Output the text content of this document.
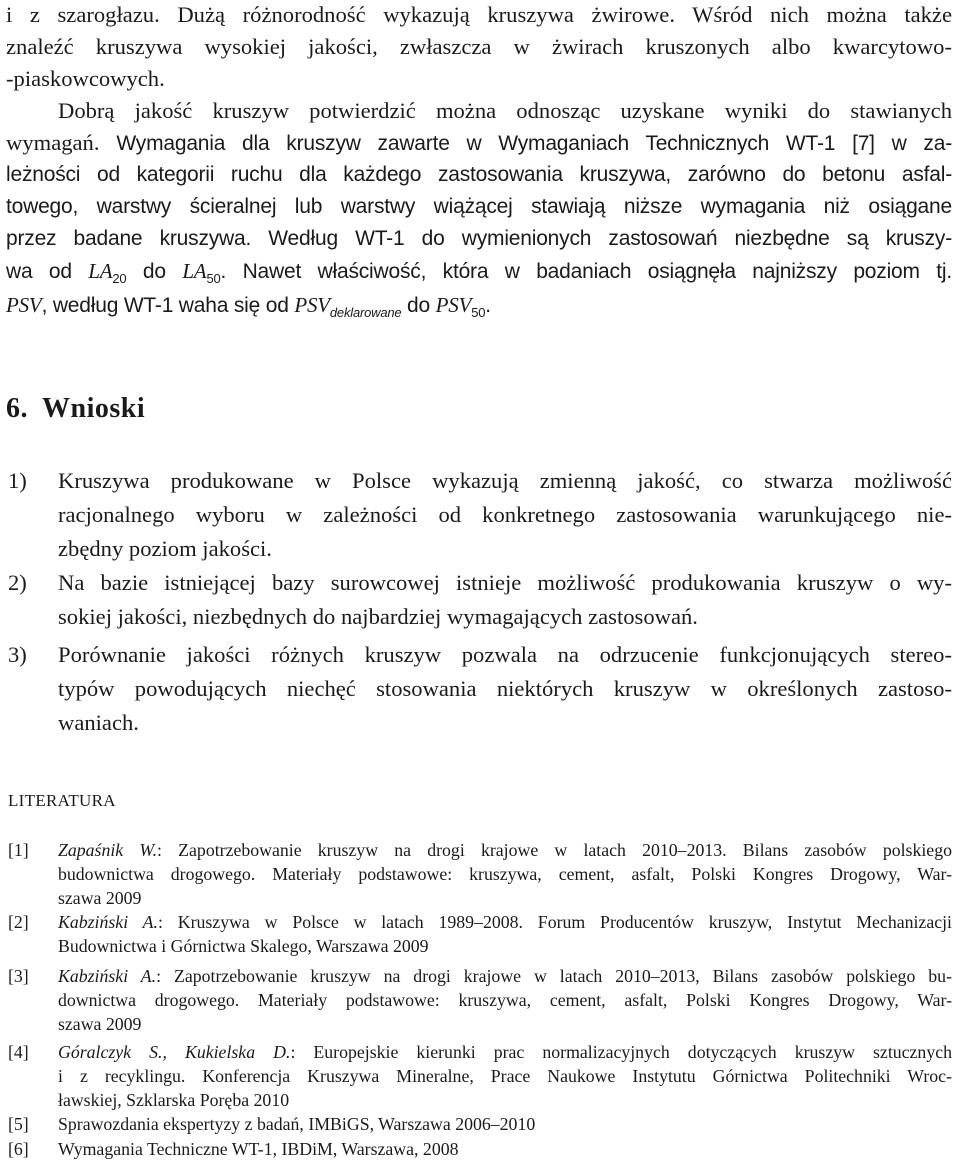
i z szarogłazu. Dużą różnorodność wykazują kruszywa żwirowe. Wśród nich można także
znaleźć kruszywa wysokiej jakości, zwłaszcza w żwirach kruszonych albo kwarcytowo-
-piaskowcowych.
Dobrą jakość kruszyw potwierdzić można odnosząc uzyskane wyniki do stawianych
wymagań. Wymagania dla kruszyw zawarte w Wymaganiach Technicznych WT-1 [7] w za-
leżności od kategorii ruchu dla każdego zastosowania kruszywa, zarówno do betonu asfal-
towego, warstwy ścieralnej lub warstwy wiążącej stawiają niższe wymagania niż osiągane
przez badane kruszywa. Według WT-1 do wymienionych zastosowań niezbędne są kruszy-
wa od $LA_{20}$ do $LA_{50}$. Nawet właściwość, która w badaniach osiągnęła najniższy poziom tj.
PSV, według WT-1 waha się od $PSV_{deklarowane}$ do $PSV_{50}$.
6. Wnioski
1) Kruszywa produkowane w Polsce wykazują zmienną jakość, co stwarza możliwość
racjonalnego wyboru w zależności od konkretnego zastosowania warunkującego nie-
zbędny poziom jakości.
2) Na bazie istniejącej bazy surowcowej istnieje możliwość produkowania kruszyw o wy-
sokiej jakości, niezbędnych do najbardziej wymagających zastosowań.
3) Porównanie jakości różnych kruszyw pozwala na odrzucenie funkcjonujących stereo-
typów powodujących niechęć stosowania niektórych kruszyw w określonych zastoso-
waniach.
LITERATURA
[1] Zapaśnik W.: Zapotrzebowanie kruszyw na drogi krajowe w latach 2010–2013. Bilans zasobów polskiego
budownictwa drogowego. Materiały podstawowe: kruszywa, cement, asfalt, Polski Kongres Drogowy, War-
szawa 2009
[2] Kabziński A.: Kruszywa w Polsce w latach 1989–2008. Forum Producentów kruszyw, Instytut Mechanizacji
Budownictwa i Górnictwa Skalego, Warszawa 2009
[3] Kabziński A.: Zapotrzebowanie kruszyw na drogi krajowe w latach 2010–2013, Bilans zasobów polskiego bu-
downictwa drogowego. Materiały podstawowe: kruszywa, cement, asfalt, Polski Kongres Drogowy, War-
szawa 2009
[4] Góralczyk S., Kukielska D.: Europejskie kierunki prac normalizacyjnych dotyczących kruszyw sztucznych
i z recyklingu. Konferencja Kruszywa Mineralne, Prace Naukowe Instytutu Górnictwa Politechniki Wroc-
ławskiej, Szklarska Poręba 2010
[5] Sprawozdania ekspertyzy z badań, IMBiGS, Warszawa 2006–2010
[6] Wymagania Techniczne WT-1, IBDiM, Warszawa, 2008
